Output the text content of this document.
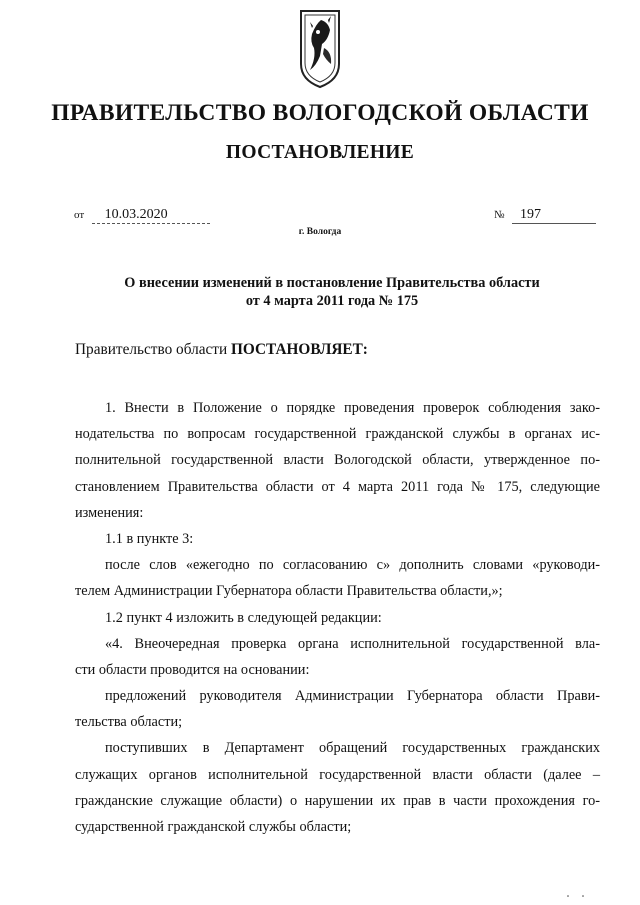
ПРАВИТЕЛЬСТВО ВОЛОГОДСКОЙ ОБЛАСТИ
ПОСТАНОВЛЕНИЕ
от 10.03.2020	№ 197
г. Вологда
О внесении изменений в постановление Правительства области
от 4 марта 2011 года № 175
Правительство области ПОСТАНОВЛЯЕТ:
1. Внести в Положение о порядке проведения проверок соблюдения зако-
нодательства по вопросам государственной гражданской службы в органах ис-
полнительной государственной власти Вологодской области, утвержденное по-
становлением Правительства области от 4 марта 2011 года № 175, следующие
изменения:
1.1 в пункте 3:
после слов «ежегодно по согласованию с» дополнить словами «руководи-
телем Администрации Губернатора области Правительства области,»;
1.2 пункт 4 изложить в следующей редакции:
«4. Внеочередная проверка органа исполнительной государственной вла-
сти области проводится на основании:
предложений руководителя Администрации Губернатора области Прави-
тельства области;
поступивших в Департамент обращений государственных гражданских
служащих органов исполнительной государственной власти области (далее –
гражданские служащие области) о нарушении их прав в части прохождения го-
сударственной гражданской службы области;
